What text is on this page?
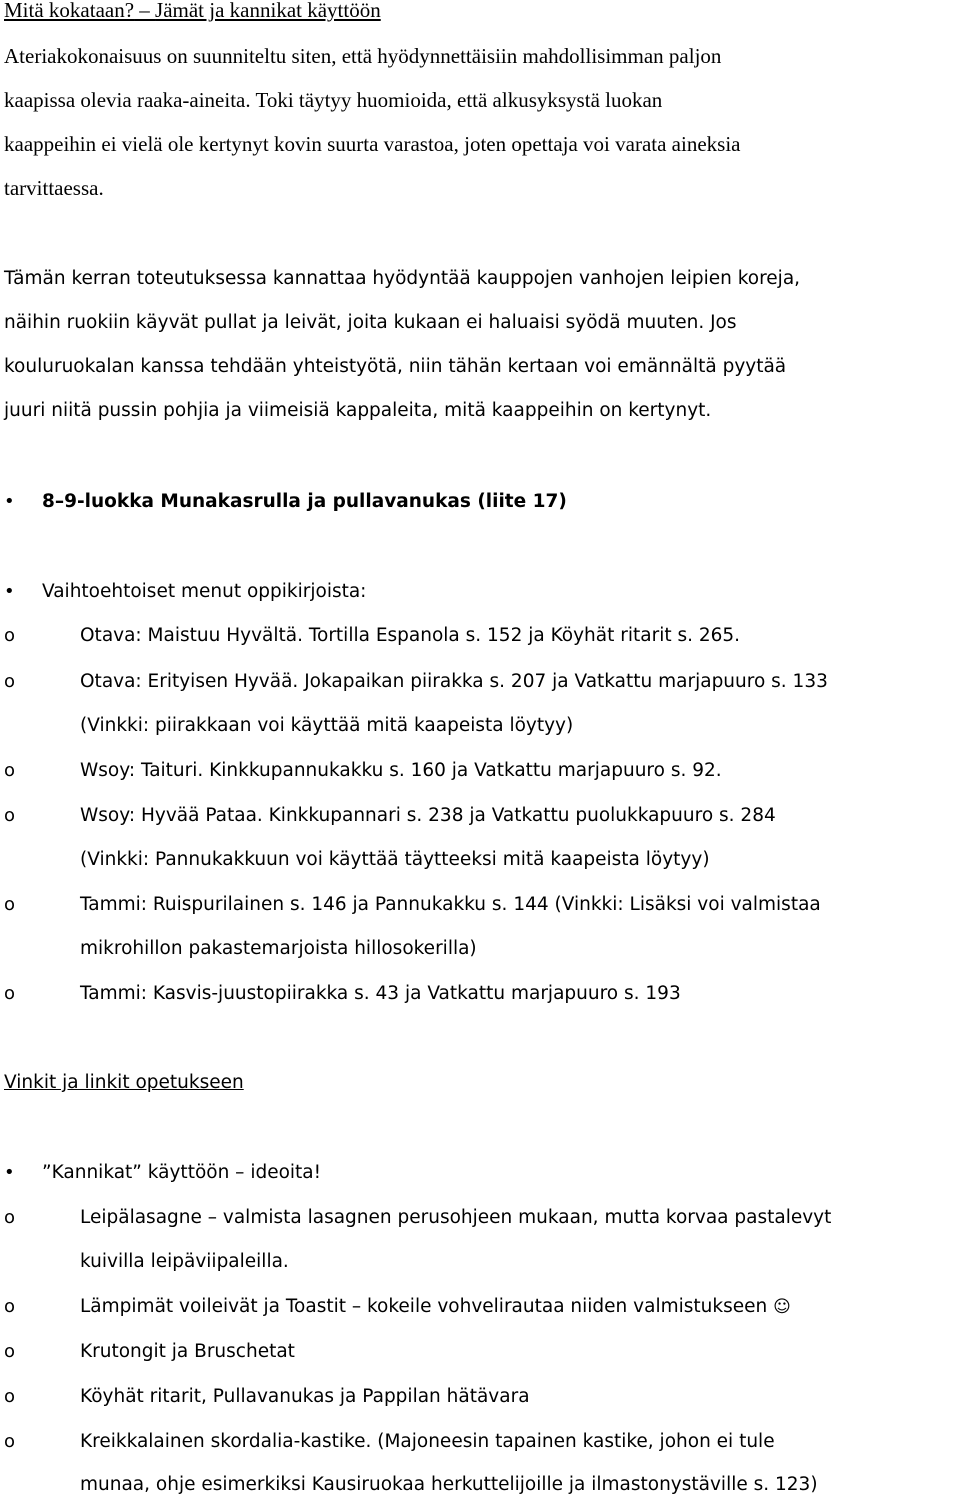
Mitä kokataan? – Jämät ja kannikat käyttöön
Ateriakokonaisuus on suunniteltu siten, että hyödynnettäisiin mahdollisimman paljon
kaapissa olevia raaka-aineita. Toki täytyy huomioida, että alkusyksystä luokan
kaappeihin ei vielä ole kertynyt kovin suurta varastoa, joten opettaja voi varata aineksia
tarvittaessa.
Tämän kerran toteutuksessa kannattaa hyödyntää kauppojen vanhojen leipien koreja,
näihin ruokiin käyvät pullat ja leivät, joita kukaan ei haluaisi syödä muuten. Jos
kouluruokalan kanssa tehdään yhteistyötä, niin tähän kertaan voi emännältä pyytää
juuri niitä pussin pohjia ja viimeisiä kappaleita, mitä kaappeihin on kertynyt.
• 8–9-luokka Munakasrulla ja pullavanukas (liite 17)
• Vaihtoehtoiset menut oppikirjoista:
o	Otava: Maistuu Hyvältä. Tortilla Espanola s. 152 ja Köyhät ritarit s. 265.
o	Otava: Erityisen Hyvää. Jokapaikan piirakka s. 207 ja Vatkattu marjapuuro s. 133
(Vinkki: piirakkaan voi käyttää mitä kaapeista löytyy)
o	Wsoy: Taituri. Kinkkupannukakku s. 160 ja Vatkattu marjapuuro s. 92.
o	Wsoy: Hyvää Pataa. Kinkkupannari s. 238 ja Vatkattu puolukkapuuro s. 284
(Vinkki: Pannukakkuun voi käyttää täytteeksi mitä kaapeista löytyy)
o	Tammi: Ruispurilainen s. 146 ja Pannukakku s. 144 (Vinkki: Lisäksi voi valmistaa
mikrohillon pakastemarjoista hillosokerilla)
o	Tammi: Kasvis-juustopiirakka s. 43 ja Vatkattu marjapuuro s. 193
Vinkit ja linkit opetukseen
• ”Kannikat” käyttöön – ideoita!
o	Leipälasagne – valmista lasagnen perusohjeen mukaan, mutta korvaa pastalevyt
kuivilla leipäviipaleilla.
o	Lämpimät voileivät ja Toastit – kokeile vohvelirautaa niiden valmistukseen ☺
o	Krutongit ja Bruschetat
o	Köyhät ritarit, Pullavanukas ja Pappilan hätävara
o	Kreikkalainen skordalia-kastike. (Majoneesin tapainen kastike, johon ei tule
munaa, ohje esimerkiksi Kausiruokaa herkuttelijoille ja ilmastonystäville s. 123)
